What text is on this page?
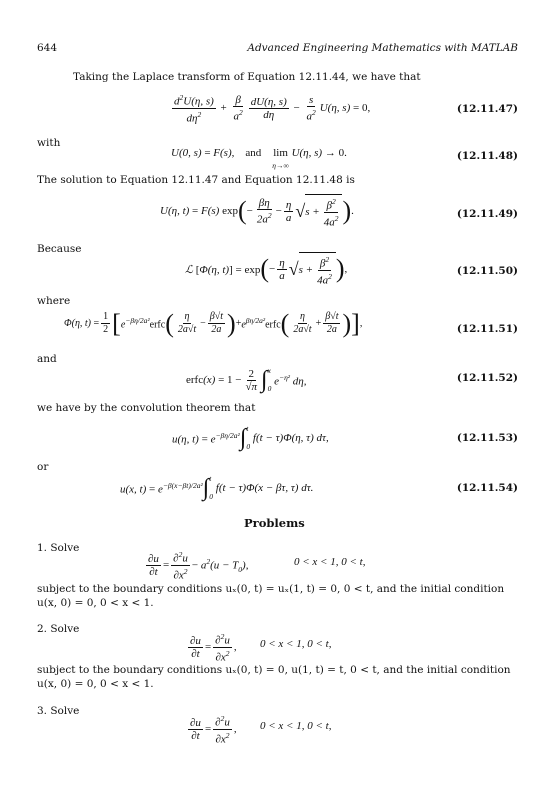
644	Advanced Engineering Mathematics with MATLAB
Taking the Laplace transform of Equation 12.11.44, we have that
$\frac{d^2U(\eta, s)}{d\eta^2} + \frac{\beta}{a^2} \frac{dU(\eta, s)}{d\eta} - \frac{s}{a^2} U(\eta$, s) = 0,	(12.11.47)
with
U(0, s) = F(s),    and    lim
η→∞ U(η, s) → 0.	(12.11.48)
The solution to Equation 12.11.47 and Equation 12.11.48 is
U(η, t) = F(s) exp ( − $\frac{\beta\eta}{2a^2} - \frac{\eta}{a}$ √ $s + \frac{\beta^2}{4a^2}$ ) .	(12.11.49)
Because
ℒ [Φ(η, t)] = exp ( − $\frac{\eta}{a}$ √ $s + \frac{\beta^2}{4a^2}$ ) ,	(12.11.50)
where
Φ(η, $t) = \frac{1}{2}$ [ $e^{-\beta\eta/2a^2}erfc$ ( $\frac{\eta}{2a√t} - \frac{\beta√t}{2a}$ ) + $e^{\beta\eta/2a^2}erfc$ ( $\frac{\eta}{2a√t} + \frac{\beta√t}{2a}$ ) ] ,	(12.11.51)
and
erfc(x) = $1 - \frac{2}{√\pi}$ ∫ x
0
$e^{-\eta^2}$ dη,	(12.11.52)
we have by the convolution theorem that
u(η, $t) = e^{-\beta\eta/2a^2}$ ∫ t
0
f(t − τ)Φ(η, τ) dτ,	(12.11.53)
or
u(x, $t) = e^{-\beta(x-\beta t)/2a^2}$ ∫ t
0
f(t − τ)Φ(x − βτ, τ) dτ.	(12.11.54)
Problems
1. Solve
$\frac{\partial u}{\partial t} = \frac{\partial^2u}{\partial x^2} - a^2(u - T_0)$,	0 < x < 1, 0 < t,
subject to the boundary conditions uₓ(0, t) = uₓ(1, t) = 0, 0 < t, and the initial condition
u(x, 0) = 0, 0 < x < 1.
2. Solve
$\frac{\partial u}{\partial t} = \frac{\partial^2u}{\partial x^2}$ , 0 < x < 1, 0 < t,
subject to the boundary conditions uₓ(0, t) = 0, u(1, t) = t, 0 < t, and the initial condition
u(x, 0) = 0, 0 < x < 1.
3. Solve
$\frac{\partial u}{\partial t} = \frac{\partial^2u}{\partial x^2}$ , 0 < x < 1, 0 < t,
